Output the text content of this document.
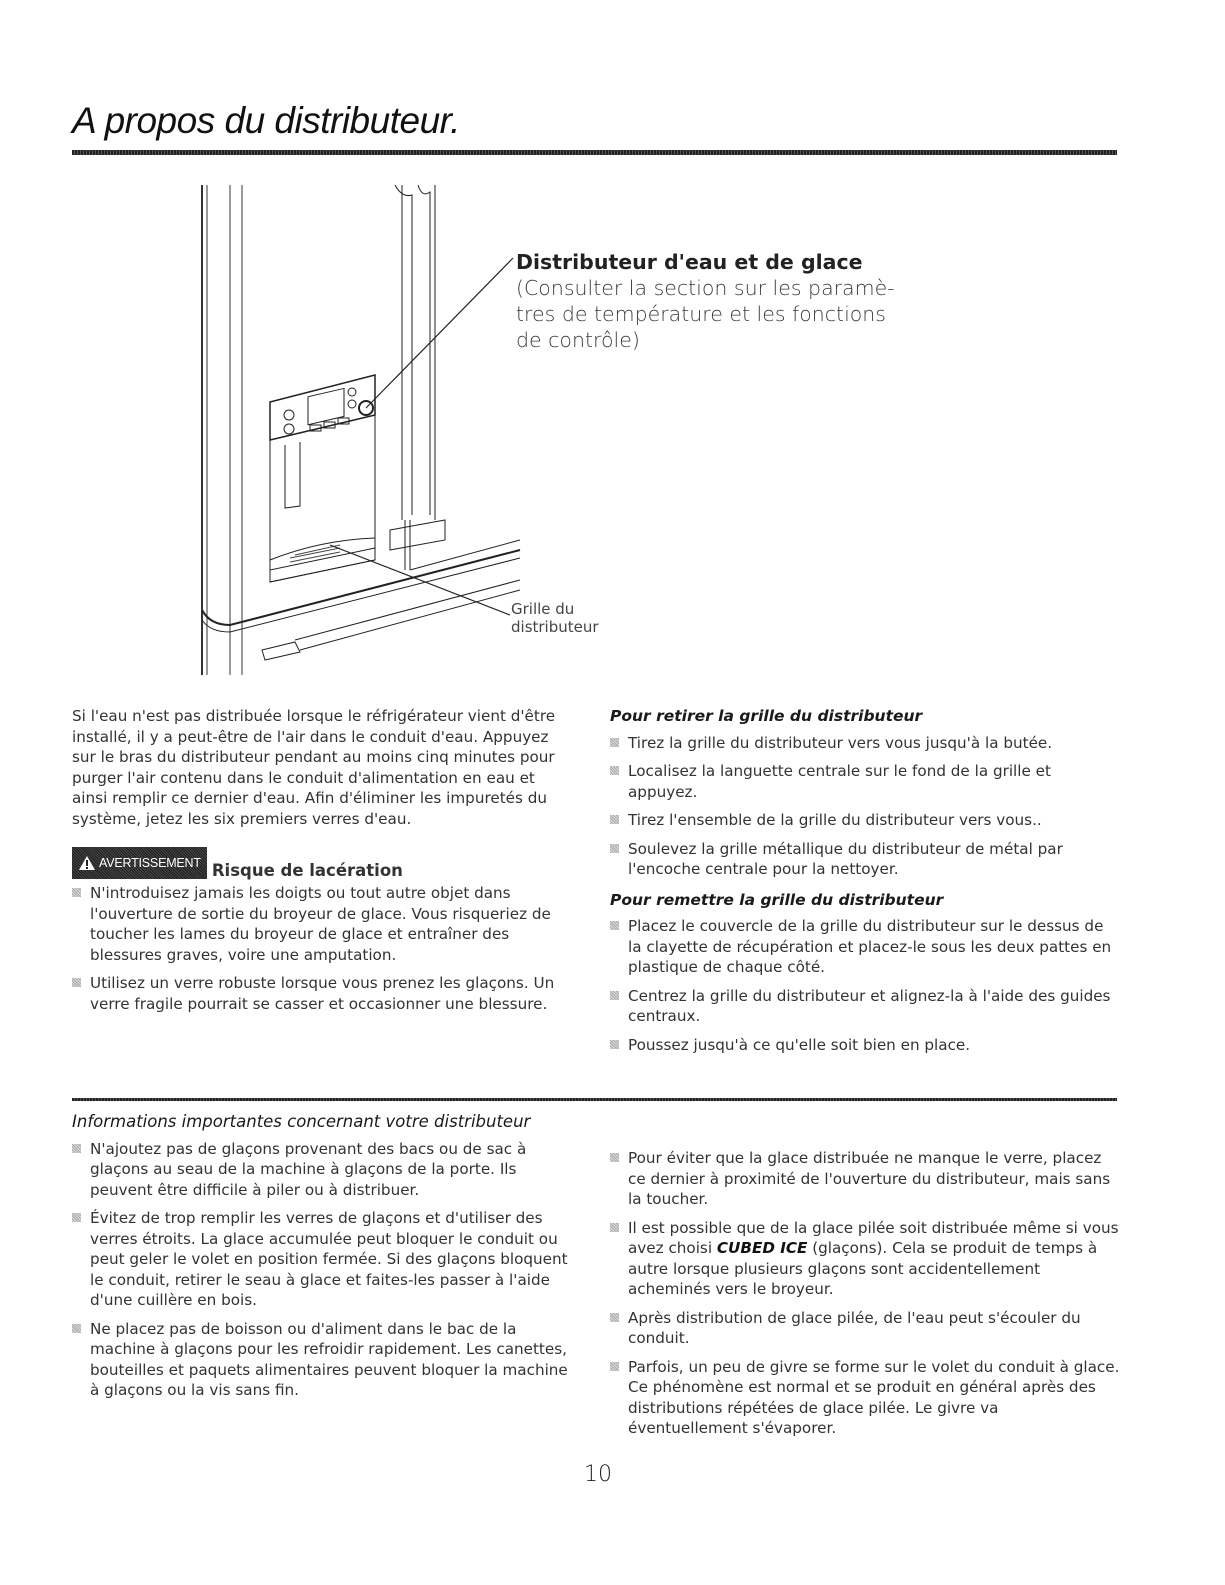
A propos du distributeur.
Distributeur d'eau et de glace
(Consulter la section sur les paramè-
tres de température et les fonctions
de contrôle)
Grille du
distributeur

Si l'eau n'est pas distribuée lorsque le réfrigérateur vient d'être installé, il y a peut-être de l'air dans le conduit d'eau. Appuyez sur le bras du distributeur pendant au moins cinq minutes pour purger l'air contenu dans le conduit d'alimentation en eau et ainsi remplir ce dernier d'eau. Afin d'éliminer les impuretés du système, jetez les six premiers verres d'eau.

AVERTISSEMENT Risque de lacération
N'introduisez jamais les doigts ou tout autre objet dans l'ouverture de sortie du broyeur de glace. Vous risqueriez de toucher les lames du broyeur de glace et entraîner des blessures graves, voire une amputation.
Utilisez un verre robuste lorsque vous prenez les glaçons. Un verre fragile pourrait se casser et occasionner une blessure.
Pour retirer la grille du distributeur
Tirez la grille du distributeur vers vous jusqu'à la butée.
Localisez la languette centrale sur le fond de la grille et appuyez.
Tirez l'ensemble de la grille du distributeur vers vous..
Soulevez la grille métallique du distributeur de métal par l'encoche centrale pour la nettoyer.
Pour remettre la grille du distributeur
Placez le couvercle de la grille du distributeur sur le dessus de la clayette de récupération et placez-le sous les deux pattes en plastique de chaque côté.
Centrez la grille du distributeur et alignez-la à l'aide des guides centraux.
Poussez jusqu'à ce qu'elle soit bien en place.
Informations importantes concernant votre distributeur
N'ajoutez pas de glaçons provenant des bacs ou de sac à glaçons au seau de la machine à glaçons de la porte. Ils peuvent être difficile à piler ou à distribuer.
Évitez de trop remplir les verres de glaçons et d'utiliser des verres étroits. La glace accumulée peut bloquer le conduit ou peut geler le volet en position fermée. Si des glaçons bloquent le conduit, retirer le seau à glace et faites-les passer à l'aide d'une cuillère en bois.
Ne placez pas de boisson ou d'aliment dans le bac de la machine à glaçons pour les refroidir rapidement. Les canettes, bouteilles et paquets alimentaires peuvent bloquer la machine à glaçons ou la vis sans fin.
Pour éviter que la glace distribuée ne manque le verre, placez ce dernier à proximité de l'ouverture du distributeur, mais sans la toucher.
Il est possible que de la glace pilée soit distribuée même si vous avez choisi CUBED ICE (glaçons). Cela se produit de temps à autre lorsque plusieurs glaçons sont accidentellement acheminés vers le broyeur.
Après distribution de glace pilée, de l'eau peut s'écouler du conduit.
Parfois, un peu de givre se forme sur le volet du conduit à glace. Ce phénomène est normal et se produit en général après des distributions répétées de glace pilée. Le givre va éventuellement s'évaporer.
10
